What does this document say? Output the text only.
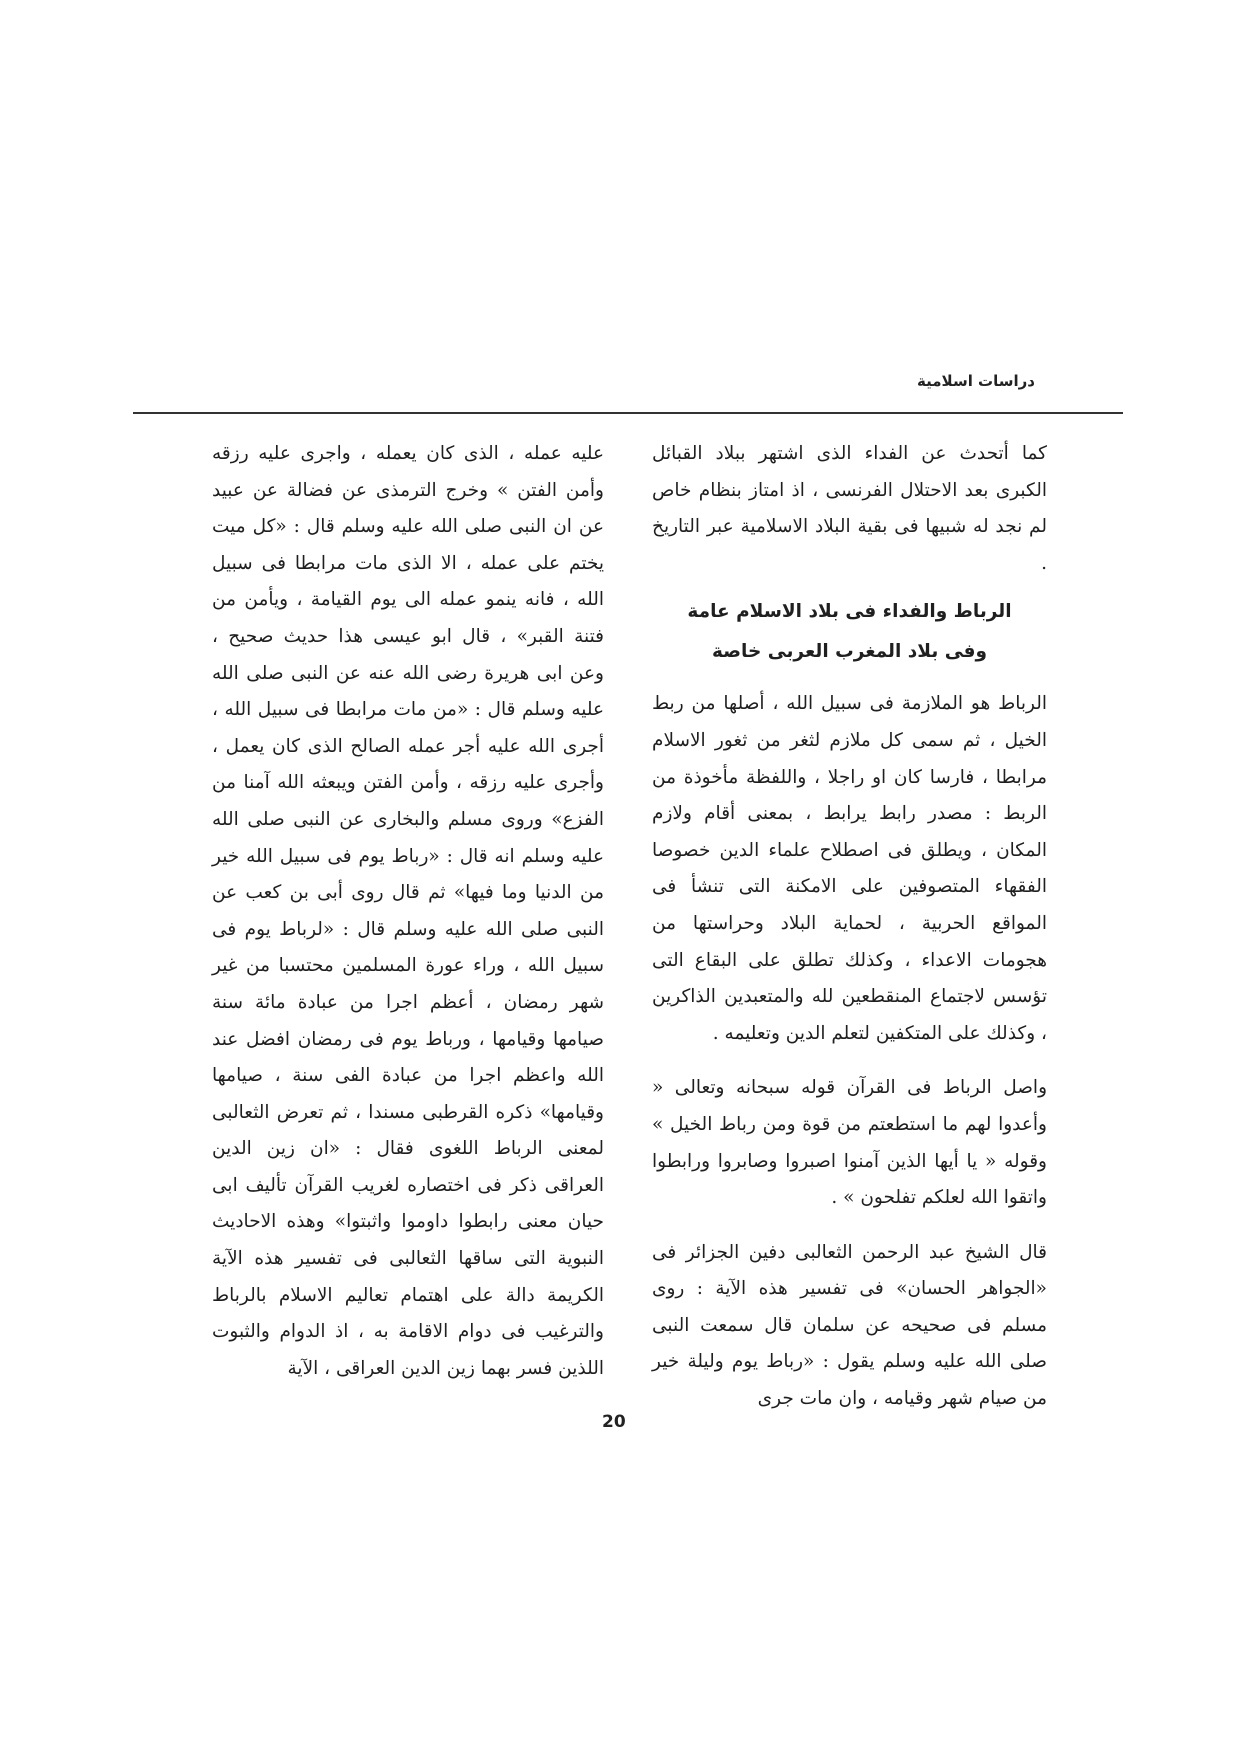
دراسات اسلامية

كما أتحدث عن الفداء الذى اشتهر ببلاد القبائل الكبرى بعد الاحتلال الفرنسى ، اذ امتاز بنظام خاص لم نجد له شبيها فى بقية البلاد الاسلامية عبر التاريخ .

الرباط والفداء فى بلاد الاسلام عامة
وفى بلاد المغرب العربى خاصة

الرباط هو الملازمة فى سبيل الله ، أصلها من ربط الخيل ، ثم سمى كل ملازم لثغر من ثغور الاسلام مرابطا ، فارسا كان او راجلا ، واللفظة مأخوذة من الربط : مصدر رابط يرابط ، بمعنى أقام ولازم المكان ، ويطلق فى اصطلاح علماء الدين خصوصا الفقهاء المتصوفين على الامكنة التى تنشأ فى المواقع الحربية ، لحماية البلاد وحراستها من هجومات الاعداء ، وكذلك تطلق على البقاع التى تؤسس لاجتماع المنقطعين لله والمتعبدين الذاكرين ، وكذلك على المتكفين لتعلم الدين وتعليمه .

واصل الرباط فى القرآن قوله سبحانه وتعالى « وأعدوا لهم ما استطعتم من قوة ومن رباط الخيل » وقوله « يا أيها الذين آمنوا اصبروا وصابروا ورابطوا واتقوا الله لعلكم تفلحون » .

قال الشيخ عبد الرحمن الثعالبى دفين الجزائر فى «الجواهر الحسان» فى تفسير هذه الآية : روى مسلم فى صحيحه عن سلمان قال سمعت النبى صلى الله عليه وسلم يقول : «رباط يوم وليلة خير من صيام شهر وقيامه ، وان مات جرى

عليه عمله ، الذى كان يعمله ، واجرى عليه رزقه وأمن الفتن » وخرج الترمذى عن فضالة عن عبيد عن ان النبى صلى الله عليه وسلم قال : «كل ميت يختم على عمله ، الا الذى مات مرابطا فى سبيل الله ، فانه ينمو عمله الى يوم القيامة ، ويأمن من فتنة القبر» ، قال ابو عيسى هذا حديث صحيح ، وعن ابى هريرة رضى الله عنه عن النبى صلى الله عليه وسلم قال : «من مات مرابطا فى سبيل الله ، أجرى الله عليه أجر عمله الصالح الذى كان يعمل ، وأجرى عليه رزقه ، وأمن الفتن ويبعثه الله آمنا من الفزع» وروى مسلم والبخارى عن النبى صلى الله عليه وسلم انه قال : «رباط يوم فى سبيل الله خير من الدنيا وما فيها» ثم قال روى أبى بن كعب عن النبى صلى الله عليه وسلم قال : «لرباط يوم فى سبيل الله ، وراء عورة المسلمين محتسبا من غير شهر رمضان ، أعظم اجرا من عبادة مائة سنة صيامها وقيامها ، ورباط يوم فى رمضان افضل عند الله واعظم اجرا من عبادة الفى سنة ، صيامها وقيامها» ذكره القرطبى مسندا ، ثم تعرض الثعالبى لمعنى الرباط اللغوى فقال : «ان زين الدين العراقى ذكر فى اختصاره لغريب القرآن تأليف ابى حيان معنى رابطوا داوموا واثبتوا» وهذه الاحاديث النبوية التى ساقها الثعالبى فى تفسير هذه الآية الكريمة دالة على اهتمام تعاليم الاسلام بالرباط والترغيب فى دوام الاقامة به ، اذ الدوام والثبوت اللذين فسر بهما زين الدين العراقى ، الآية

20
